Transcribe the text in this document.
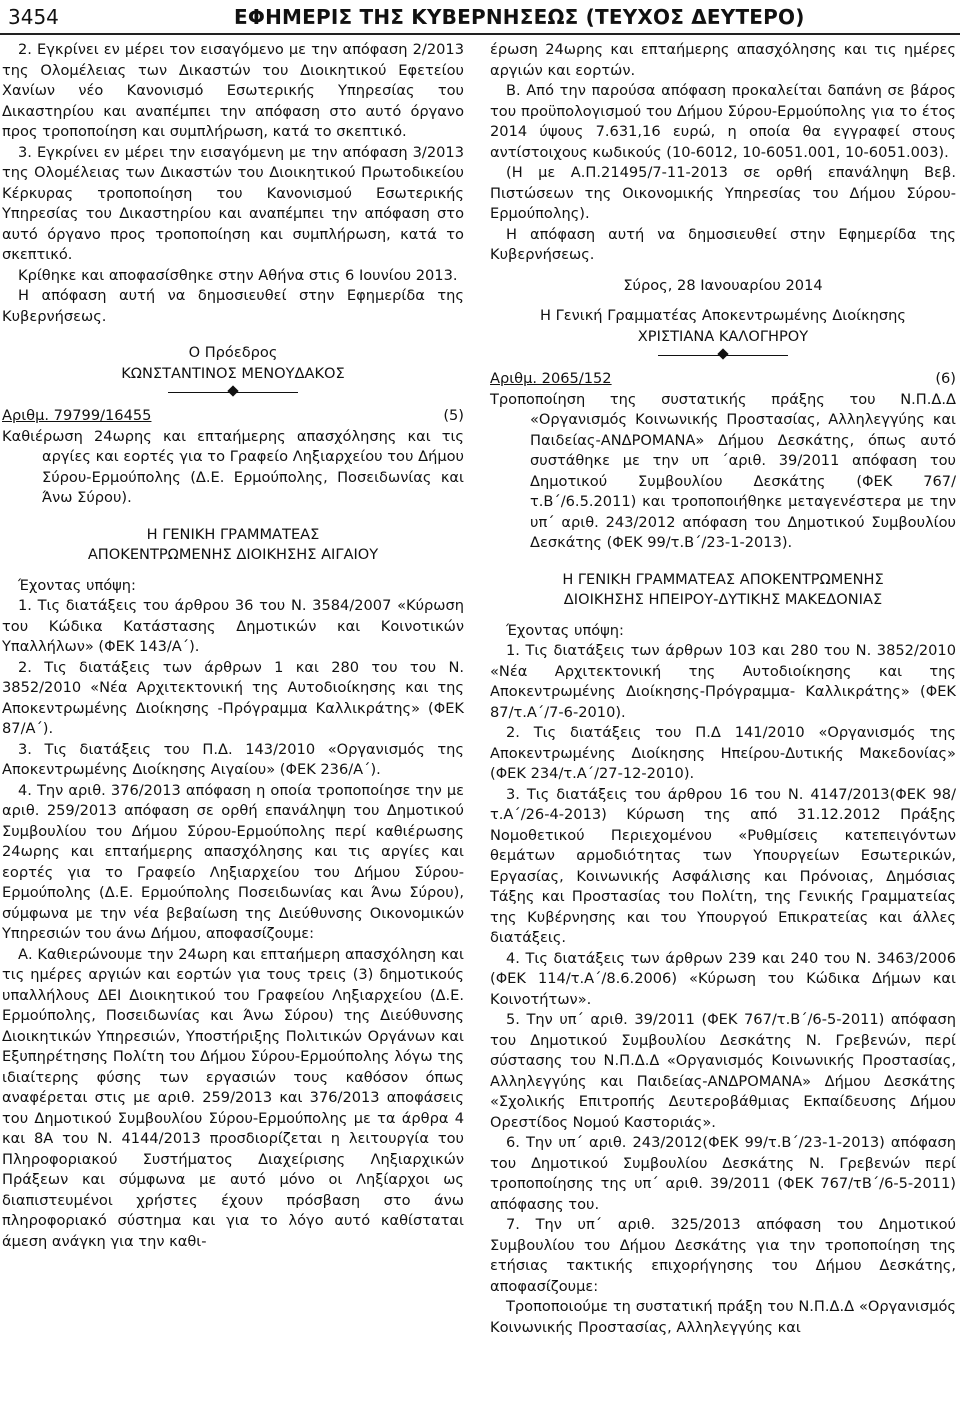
3454	ΕΦΗΜΕΡΙΣ ΤΗΣ ΚΥΒΕΡΝΗΣΕΩΣ (ΤΕΥΧΟΣ ΔΕΥΤΕΡΟ)

2. Εγκρίνει εν μέρει τον εισαγόμενο με την απόφαση 2/2013 της Ολομέλειας των Δικαστών του Διοικητικού Εφετείου Χανίων νέο Κανονισμό Εσωτερικής Υπηρεσίας του Δικαστηρίου και αναπέμπει την απόφαση στο αυτό όργανο προς τροποποίηση και συμπλήρωση, κατά το σκεπτικό.

3. Εγκρίνει εν μέρει την εισαγόμενη με την απόφαση 3/2013 της Ολομέλειας των Δικαστών του Διοικητικού Πρωτοδικείου Κέρκυρας τροποποίηση του Κανονισμού Εσωτερικής Υπηρεσίας του Δικαστηρίου και αναπέμπει την απόφαση στο αυτό όργανο προς τροποποίηση και συμπλήρωση, κατά το σκεπτικό.

Κρίθηκε και αποφασίσθηκε στην Αθήνα στις 6 Ιουνίου 2013.

Η απόφαση αυτή να δημοσιευθεί στην Εφημερίδα της Κυβερνήσεως.

Ο Πρόεδρος

ΚΩΝΣΤΑΝΤΙΝΟΣ ΜΕΝΟΥΔΑΚΟΣ

Αριθμ. 79799/16455	(5)

Καθιέρωση 24ωρης και επταήμερης απασχόλησης και τις αργίες και εορτές για το Γραφείο Ληξιαρχείου του Δήμου Σύρου-Ερμούπολης (Δ.Ε. Ερμούπολης, Ποσειδωνίας και Άνω Σύρου).

Η ΓΕΝΙΚΗ ΓΡΑΜΜΑΤΕΑΣ

ΑΠΟΚΕΝΤΡΩΜΕΝΗΣ ΔΙΟΙΚΗΣΗΣ ΑΙΓΑΙΟΥ

Έχοντας υπόψη:

1. Τις διατάξεις του άρθρου 36 του Ν. 3584/2007 «Κύρωση του Κώδικα Κατάστασης Δημοτικών και Κοινοτικών Υπαλλήλων» (ΦΕΚ 143/Α΄).

2. Τις διατάξεις των άρθρων 1 και 280 του του Ν. 3852/2010 «Νέα Αρχιτεκτονική της Αυτοδιοίκησης και της Αποκεντρωμένης Διοίκησης -Πρόγραμμα Καλλικράτης» (ΦΕΚ 87/Α΄).

3. Τις διατάξεις του Π.Δ. 143/2010 «Οργανισμός της Αποκεντρωμένης Διοίκησης Αιγαίου» (ΦΕΚ 236/Α΄).

4. Την αριθ. 376/2013 απόφαση η οποία τροποποίησε την με αριθ. 259/2013 απόφαση σε ορθή επανάληψη του Δημοτικού Συμβουλίου του Δήμου Σύρου-Ερμούπολης περί καθιέρωσης 24ωρης και επταήμερης απασχόλησης και τις αργίες και εορτές για το Γραφείο Ληξιαρχείου του Δήμου Σύρου-Ερμούπολης (Δ.Ε. Ερμούπολης Ποσειδωνίας και Άνω Σύρου), σύμφωνα με την νέα βεβαίωση της Διεύθυνσης Οικονομικών Υπηρεσιών του άνω Δήμου, αποφασίζουμε:

Α. Καθιερώνουμε την 24ωρη και επταήμερη απασχόληση και τις ημέρες αργιών και εορτών για τους τρεις (3) δημοτικούς υπαλλήλους ΔΕΙ Διοικητικού του Γραφείου Ληξιαρχείου (Δ.Ε. Ερμούπολης, Ποσειδωνίας και Άνω Σύρου) της Διεύθυνσης Διοικητικών Υπηρεσιών, Υποστήριξης Πολιτικών Οργάνων και Εξυπηρέτησης Πολίτη του Δήμου Σύρου-Ερμούπολης λόγω της ιδιαίτερης φύσης των εργασιών τους καθόσον όπως αναφέρεται στις με αριθ. 259/2013 και 376/2013 αποφάσεις του Δημοτικού Συμβουλίου Σύρου-Ερμούπολης με τα άρθρα 4 και 8Α του Ν. 4144/2013 προσδιορίζεται η λειτουργία του Πληροφοριακού Συστήματος Διαχείρισης Ληξιαρχικών Πράξεων και σύμφωνα με αυτό μόνο οι Ληξίαρχοι ως διαπιστευμένοι χρήστες έχουν πρόσβαση στο άνω πληροφοριακό σύστημα και για το λόγο αυτό καθίσταται άμεση ανάγκη για την καθι-

έρωση 24ωρης και επταήμερης απασχόλησης και τις ημέρες αργιών και εορτών.

Β. Από την παρούσα απόφαση προκαλείται δαπάνη σε βάρος του προϋπολογισμού του Δήμου Σύρου-Ερμούπολης για το έτος 2014 ύψους 7.631,16 ευρώ, η οποία θα εγγραφεί στους αντίστοιχους κωδικούς (10-6012, 10-6051.001, 10-6051.003).

(Η με Α.Π.21495/7-11-2013 σε ορθή επανάληψη Βεβ. Πιστώσεων της Οικονομικής Υπηρεσίας του Δήμου Σύρου-Ερμούπολης).

Η απόφαση αυτή να δημοσιευθεί στην Εφημερίδα της Κυβερνήσεως.

Σύρος, 28 Ιανουαρίου 2014

Η Γενική Γραμματέας Αποκεντρωμένης Διοίκησης

ΧΡΙΣΤΙΑΝΑ ΚΑΛΟΓΗΡΟΥ

Αριθμ. 2065/152	(6)

Τροποποίηση της συστατικής πράξης του Ν.Π.Δ.Δ «Οργανισμός Κοινωνικής Προστασίας, Αλληλεγγύης και Παιδείας-ΑΝΔΡΟΜΑΝΑ» Δήμου Δεσκάτης, όπως αυτό συστάθηκε με την υπ ΄αριθ. 39/2011 απόφαση του Δημοτικού Συμβουλίου Δεσκάτης (ΦΕΚ 767/τ.Β΄/6.5.2011) και τροποποιήθηκε μεταγενέστερα με την υπ΄ αριθ. 243/2012 απόφαση του Δημοτικού Συμβουλίου Δεσκάτης (ΦΕΚ 99/τ.Β΄/23-1-2013).

Η ΓΕΝΙΚΗ ΓΡΑΜΜΑΤΕΑΣ ΑΠΟΚΕΝΤΡΩΜΕΝΗΣ

ΔΙΟΙΚΗΣΗΣ ΗΠΕΙΡΟΥ-ΔΥΤΙΚΗΣ ΜΑΚΕΔΟΝΙΑΣ

Έχοντας υπόψη:

1. Τις διατάξεις των άρθρων 103 και 280 του Ν. 3852/2010 «Νέα Αρχιτεκτονική της Αυτοδιοίκησης και της Αποκεντρωμένης Διοίκησης-Πρόγραμμα- Καλλικράτης» (ΦΕΚ 87/τ.Α΄/7-6-2010).

2. Τις διατάξεις του Π.Δ 141/2010 «Οργανισμός της Αποκεντρωμένης Διοίκησης Ηπείρου-Δυτικής Μακεδονίας» (ΦΕΚ 234/τ.Α΄/27-12-2010).

3. Τις διατάξεις του άρθρου 16 του Ν. 4147/2013(ΦΕΚ 98/τ.Α΄/26-4-2013) Κύρωση της από 31.12.2012 Πράξης Νομοθετικού Περιεχομένου «Ρυθμίσεις κατεπειγόντων θεμάτων αρμοδιότητας των Υπουργείων Εσωτερικών, Εργασίας, Κοινωνικής Ασφάλισης και Πρόνοιας, Δημόσιας Τάξης και Προστασίας του Πολίτη, της Γενικής Γραμματείας της Κυβέρνησης και του Υπουργού Επικρατείας και άλλες διατάξεις.

4. Τις διατάξεις των άρθρων 239 και 240 του Ν. 3463/2006 (ΦΕΚ 114/τ.Α΄/8.6.2006) «Κύρωση του Κώδικα Δήμων και Κοινοτήτων».

5. Την υπ΄ αριθ. 39/2011 (ΦΕΚ 767/τ.Β΄/6-5-2011) απόφαση του Δημοτικού Συμβουλίου Δεσκάτης Ν. Γρεβενών, περί σύστασης του Ν.Π.Δ.Δ «Οργανισμός Κοινωνικής Προστασίας, Αλληλεγγύης και Παιδείας-ΑΝΔΡΟΜΑΝΑ» Δήμου Δεσκάτης «Σχολικής Επιτροπής Δευτεροβάθμιας Εκπαίδευσης Δήμου Ορεστίδος Νομού Καστοριάς».

6. Την υπ΄ αριθ. 243/2012(ΦΕΚ 99/τ.Β΄/23-1-2013) απόφαση του Δημοτικού Συμβουλίου Δεσκάτης Ν. Γρεβενών περί τροποποίησης της υπ΄ αριθ. 39/2011 (ΦΕΚ 767/τΒ΄/6-5-2011) απόφασης του.

7. Την υπ΄ αριθ. 325/2013 απόφαση του Δημοτικού Συμβουλίου του Δήμου Δεσκάτης για την τροποποίηση της ετήσιας τακτικής επιχορήγησης του Δήμου Δεσκάτης, αποφασίζουμε:

Τροποποιούμε τη συστατική πράξη του Ν.Π.Δ.Δ «Οργανισμός Κοινωνικής Προστασίας, Αλληλεγγύης και
